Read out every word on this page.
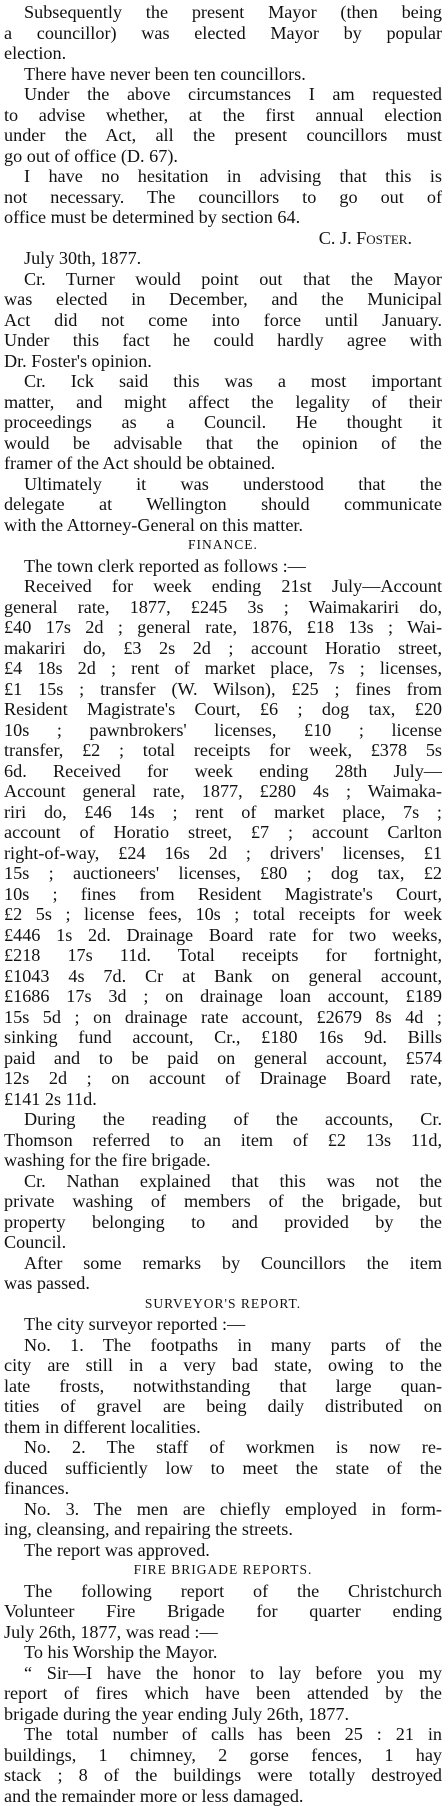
Subsequently the present Mayor (then being
a councillor) was elected Mayor by popular
election.
There have never been ten councillors.
Under the above circumstances I am requested
to advise whether, at the first annual election
under the Act, all the present councillors must
go out of office (D. 67).
I have no hesitation in advising that this is
not necessary. The councillors to go out of
office must be determined by section 64.
C. J. Foster.
July 30th, 1877.
Cr. Turner would point out that the Mayor
was elected in December, and the Municipal
Act did not come into force until January.
Under this fact he could hardly agree with
Dr. Foster's opinion.
Cr. Ick said this was a most important
matter, and might affect the legality of their
proceedings as a Council. He thought it
would be advisable that the opinion of the
framer of the Act should be obtained.
Ultimately it was understood that the
delegate at Wellington should communicate
with the Attorney-General on this matter.
FINANCE.
The town clerk reported as follows :—
Received for week ending 21st July—Account
general rate, 1877, £245 3s ; Waimakariri do,
£40 17s 2d ; general rate, 1876, £18 13s ; Wai-
makariri do, £3 2s 2d ; account Horatio street,
£4 18s 2d ; rent of market place, 7s ; licenses,
£1 15s ; transfer (W. Wilson), £25 ; fines from
Resident Magistrate's Court, £6 ; dog tax, £20
10s ; pawnbrokers' licenses, £10 ; license
transfer, £2 ; total receipts for week, £378 5s
6d. Received for week ending 28th July—
Account general rate, 1877, £280 4s ; Waimaka-
riri do, £46 14s ; rent of market place, 7s ;
account of Horatio street, £7 ; account Carlton
right-of-way, £24 16s 2d ; drivers' licenses, £1
15s ; auctioneers' licenses, £80 ; dog tax, £2
10s ; fines from Resident Magistrate's Court,
£2 5s ; license fees, 10s ; total receipts for week
£446 1s 2d. Drainage Board rate for two weeks,
£218 17s 11d. Total receipts for fortnight,
£1043 4s 7d. Cr at Bank on general account,
£1686 17s 3d ; on drainage loan account, £189
15s 5d ; on drainage rate account, £2679 8s 4d ;
sinking fund account, Cr., £180 16s 9d. Bills
paid and to be paid on general account, £574
12s 2d ; on account of Drainage Board rate,
£141 2s 11d.
During the reading of the accounts, Cr.
Thomson referred to an item of £2 13s 11d,
washing for the fire brigade.
Cr. Nathan explained that this was not the
private washing of members of the brigade, but
property belonging to and provided by the
Council.
After some remarks by Councillors the item
was passed.
SURVEYOR'S REPORT.
The city surveyor reported :—
No. 1. The footpaths in many parts of the
city are still in a very bad state, owing to the
late frosts, notwithstanding that large quan-
tities of gravel are being daily distributed on
them in different localities.
No. 2. The staff of workmen is now re-
duced sufficiently low to meet the state of the
finances.
No. 3. The men are chiefly employed in form-
ing, cleansing, and repairing the streets.
The report was approved.
FIRE BRIGADE REPORTS.
The following report of the Christchurch
Volunteer Fire Brigade for quarter ending
July 26th, 1877, was read :—
To his Worship the Mayor.
“ Sir—I have the honor to lay before you my
report of fires which have been attended by the
brigade during the year ending July 26th, 1877.
The total number of calls has been 25 : 21 in
buildings, 1 chimney, 2 gorse fences, 1 hay
stack ; 8 of the buildings were totally destroyed
and the remainder more or less damaged.
